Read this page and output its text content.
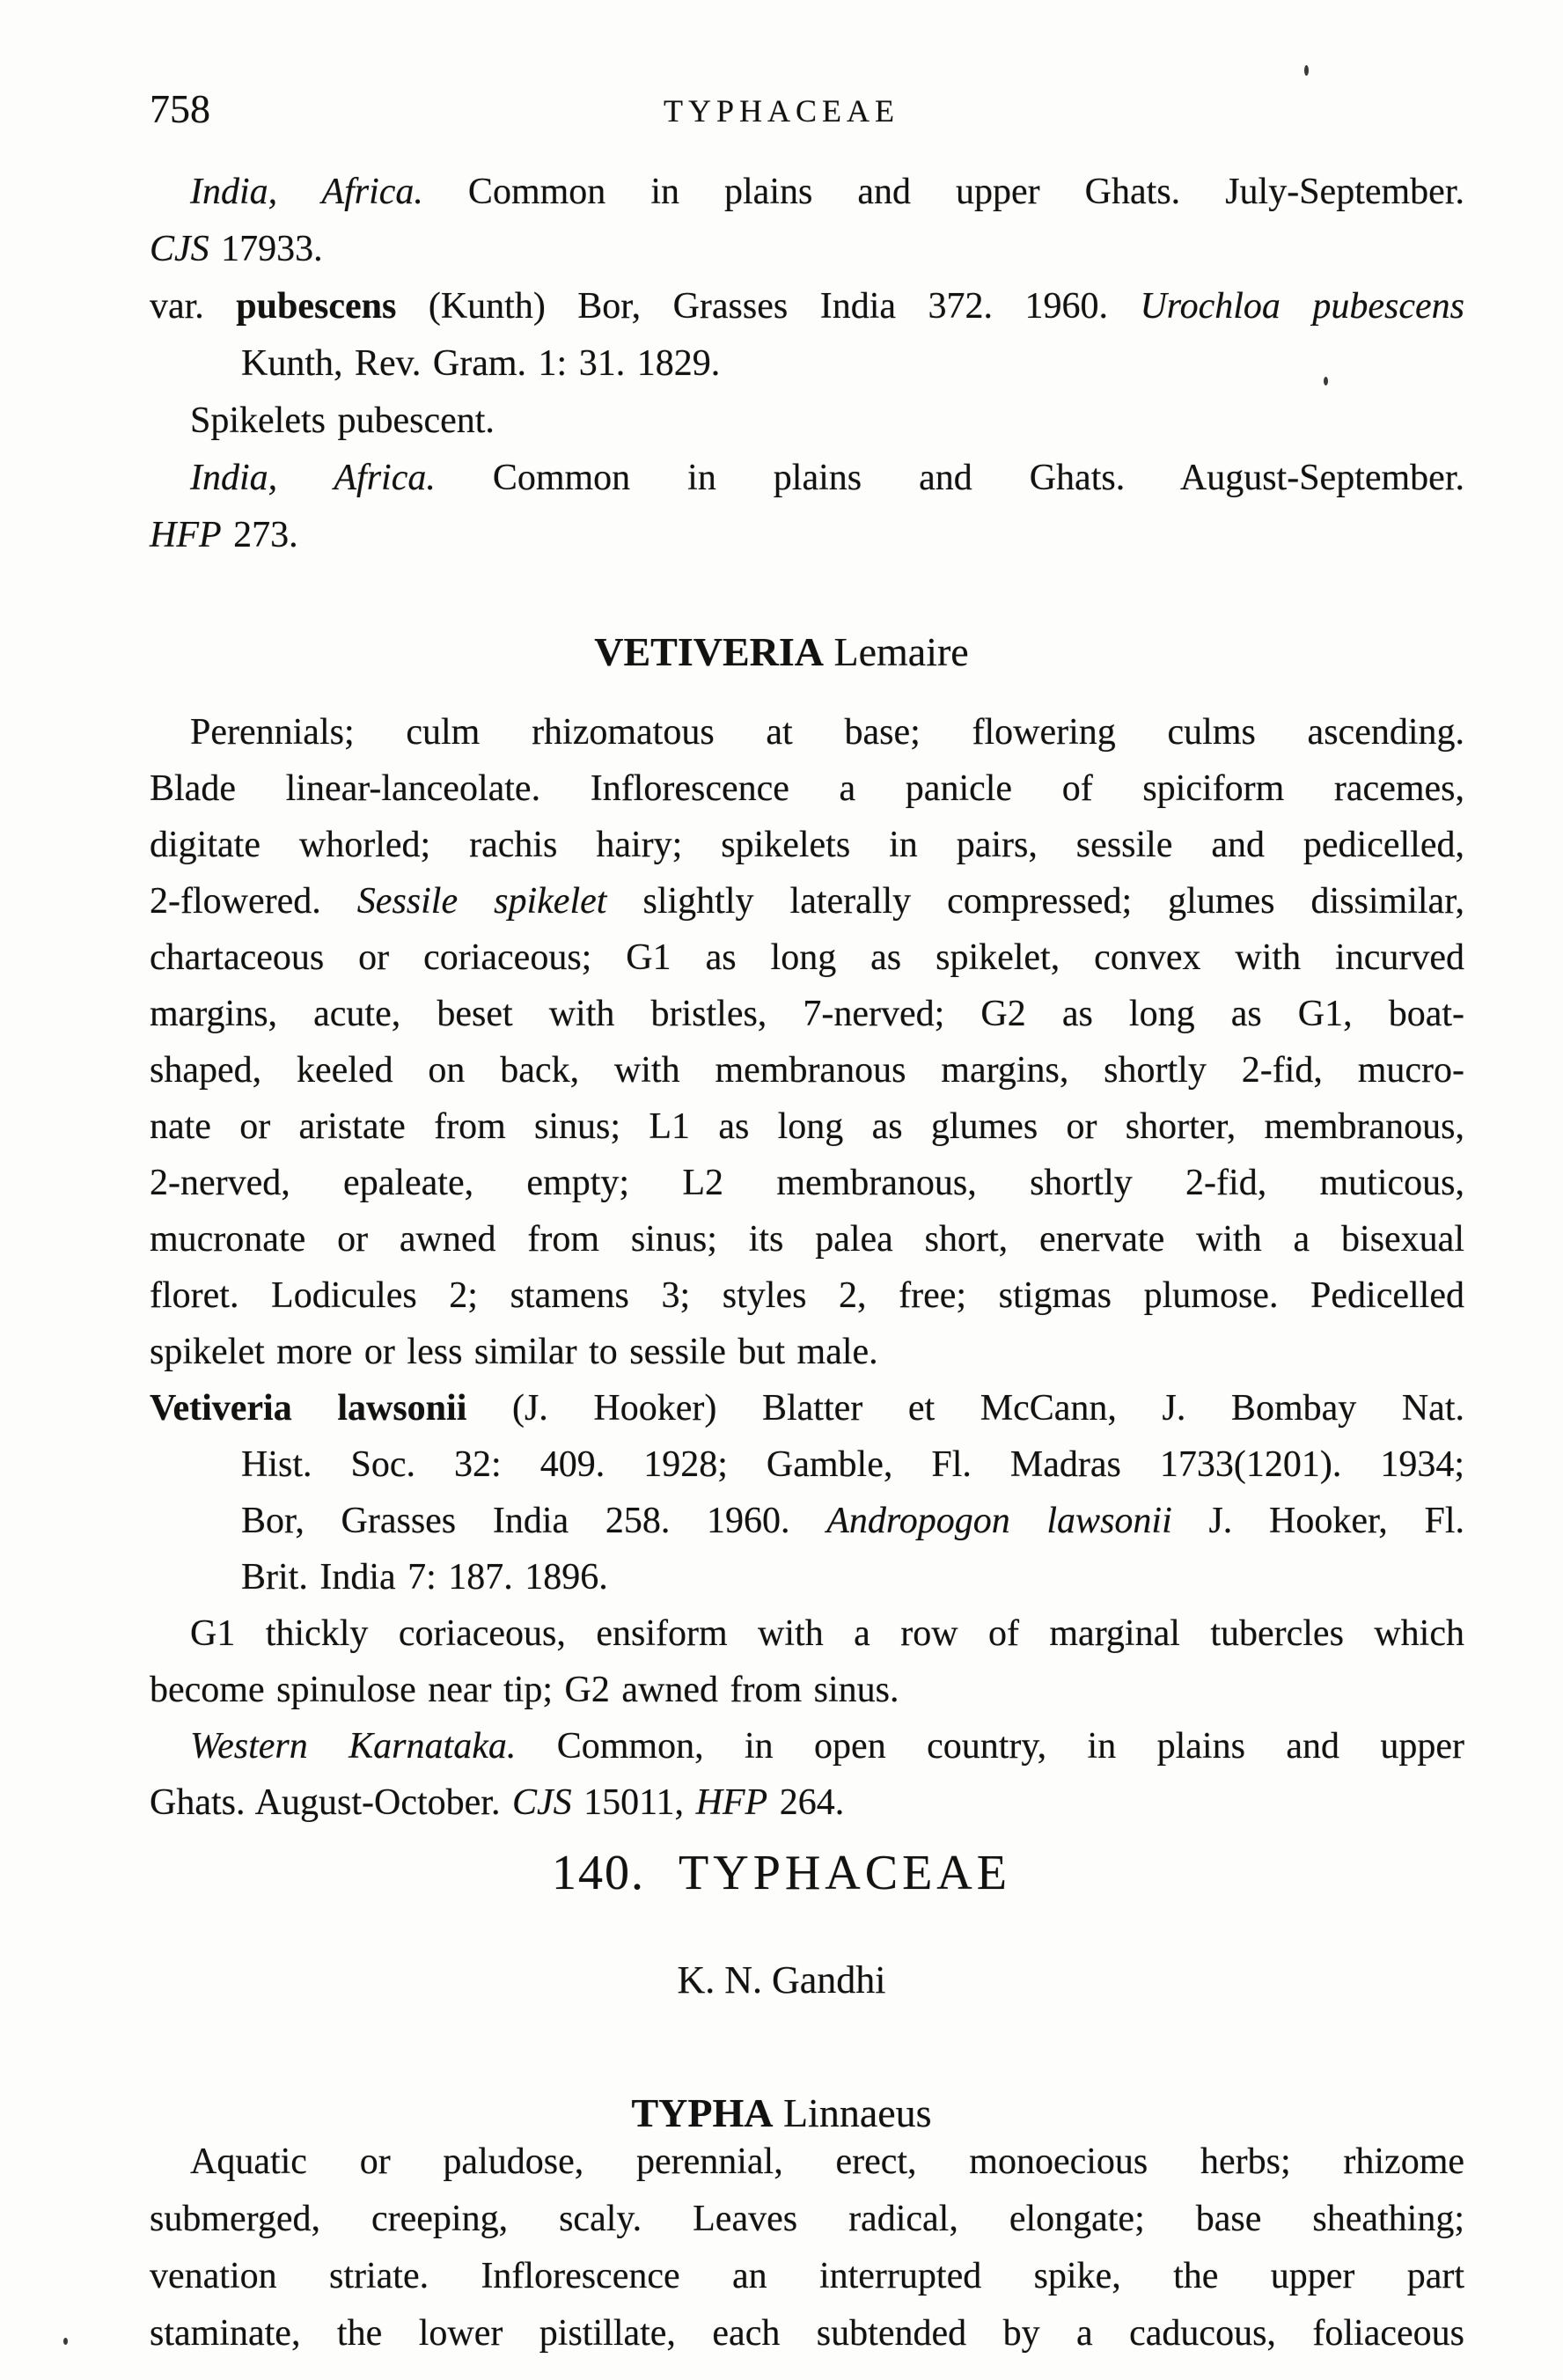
758	TYPHACEAE
India, Africa. Common in plains and upper Ghats. July-September.
CJS 17933.
var. pubescens (Kunth) Bor, Grasses India 372. 1960. Urochloa pubescens
Kunth, Rev. Gram. 1: 31. 1829.
Spikelets pubescent.
India, Africa. Common in plains and Ghats. August-September.
HFP 273.
VETIVERIA Lemaire
Perennials; culm rhizomatous at base; flowering culms ascending.
Blade linear-lanceolate. Inflorescence a panicle of spiciform racemes,
digitate whorled; rachis hairy; spikelets in pairs, sessile and pedicelled,
2-flowered. Sessile spikelet slightly laterally compressed; glumes dissimilar,
chartaceous or coriaceous; G1 as long as spikelet, convex with incurved
margins, acute, beset with bristles, 7-nerved; G2 as long as G1, boat-
shaped, keeled on back, with membranous margins, shortly 2-fid, mucro-
nate or aristate from sinus; L1 as long as glumes or shorter, membranous,
2-nerved, epaleate, empty; L2 membranous, shortly 2-fid, muticous,
mucronate or awned from sinus; its palea short, enervate with a bisexual
floret. Lodicules 2; stamens 3; styles 2, free; stigmas plumose. Pedicelled
spikelet more or less similar to sessile but male.
Vetiveria lawsonii (J. Hooker) Blatter et McCann, J. Bombay Nat.
Hist. Soc. 32: 409. 1928; Gamble, Fl. Madras 1733(1201). 1934;
Bor, Grasses India 258. 1960. Andropogon lawsonii J. Hooker, Fl.
Brit. India 7: 187. 1896.
G1 thickly coriaceous, ensiform with a row of marginal tubercles which
become spinulose near tip; G2 awned from sinus.
Western Karnataka. Common, in open country, in plains and upper
Ghats. August-October. CJS 15011, HFP 264.
140. TYPHACEAE
K. N. Gandhi
TYPHA Linnaeus
Aquatic or paludose, perennial, erect, monoecious herbs; rhizome
submerged, creeping, scaly. Leaves radical, elongate; base sheathing;
venation striate. Inflorescence an interrupted spike, the upper part
staminate, the lower pistillate, each subtended by a caducous, foliaceous
